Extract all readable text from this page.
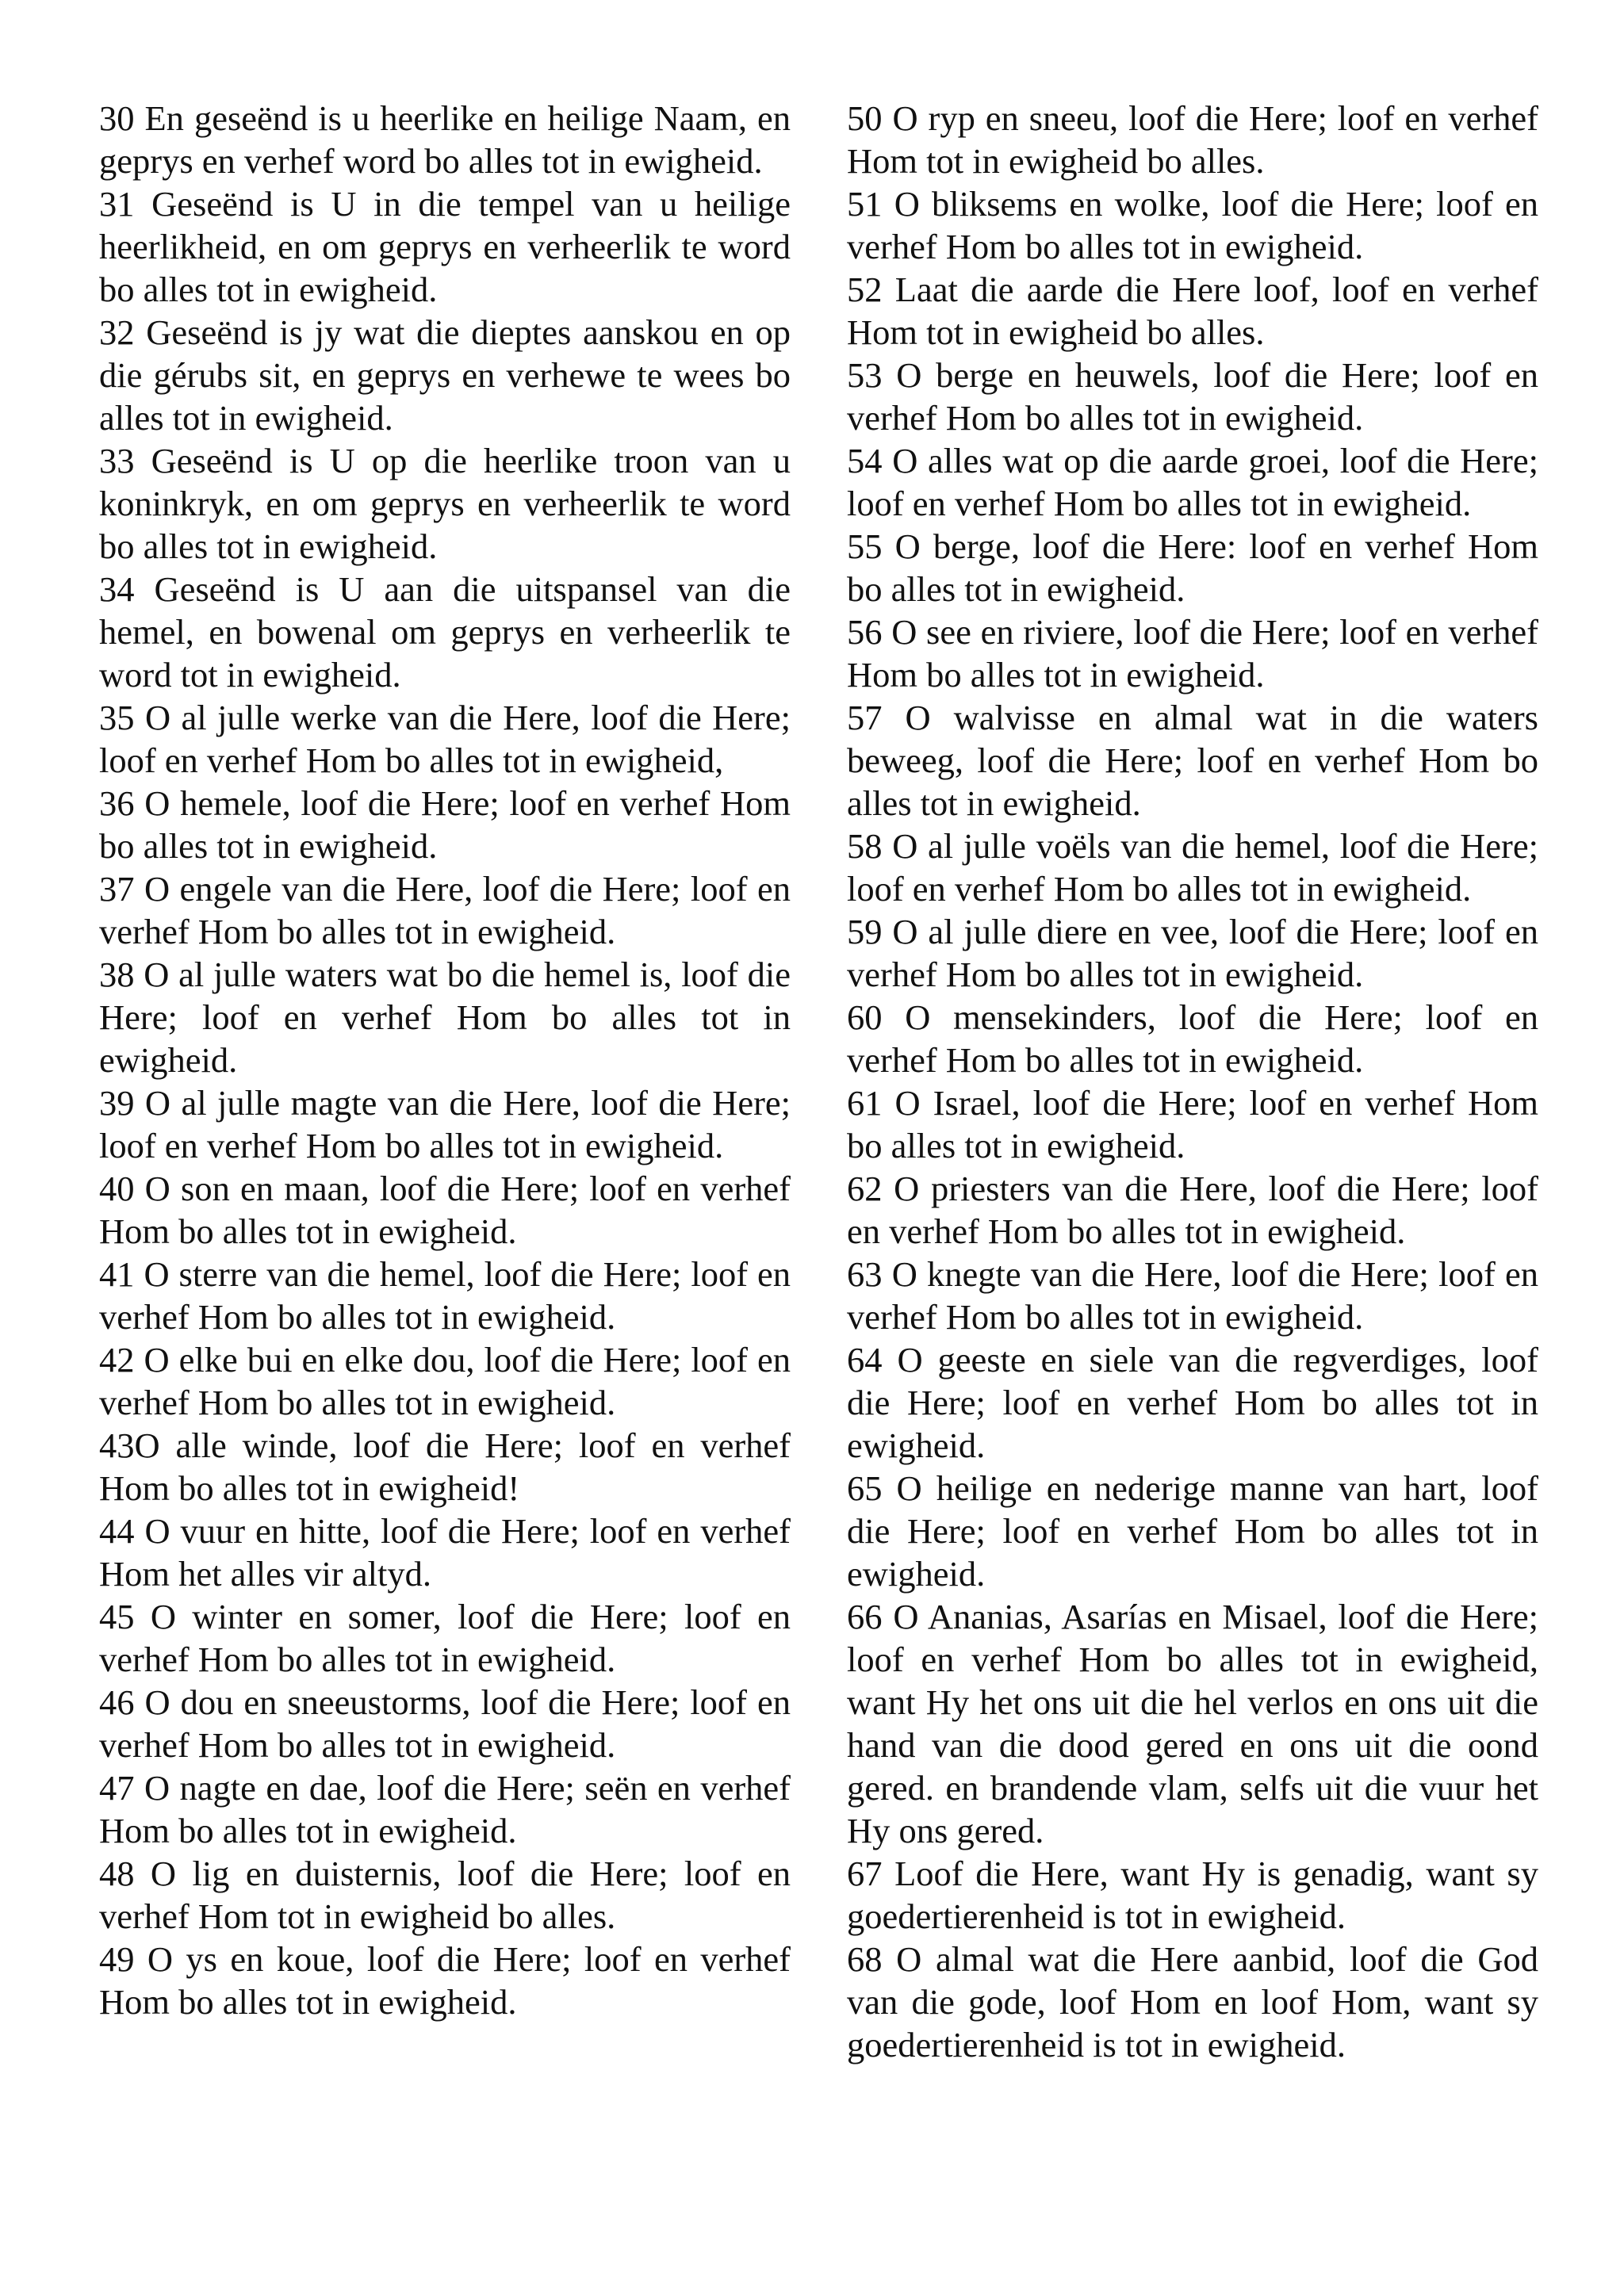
30 En geseënd is u heerlike en heilige Naam, en geprys en verhef word bo alles tot in ewigheid.

31 Geseënd is U in die tempel van u heilige heerlikheid, en om geprys en verheerlik te word bo alles tot in ewigheid.

32 Geseënd is jy wat die dieptes aanskou en op die gérubs sit, en geprys en verhewe te wees bo alles tot in ewigheid.

33 Geseënd is U op die heerlike troon van u koninkryk, en om geprys en verheerlik te word bo alles tot in ewigheid.

34 Geseënd is U aan die uitspansel van die hemel, en bowenal om geprys en verheerlik te word tot in ewigheid.

35 O al julle werke van die Here, loof die Here; loof en verhef Hom bo alles tot in ewigheid,

36 O hemele, loof die Here; loof en verhef Hom bo alles tot in ewigheid.

37 O engele van die Here, loof die Here; loof en verhef Hom bo alles tot in ewigheid.

38 O al julle waters wat bo die hemel is, loof die Here; loof en verhef Hom bo alles tot in ewigheid.

39 O al julle magte van die Here, loof die Here; loof en verhef Hom bo alles tot in ewigheid.

40 O son en maan, loof die Here; loof en verhef Hom bo alles tot in ewigheid.

41 O sterre van die hemel, loof die Here; loof en verhef Hom bo alles tot in ewigheid.

42 O elke bui en elke dou, loof die Here; loof en verhef Hom bo alles tot in ewigheid.

43O alle winde, loof die Here; loof en verhef Hom bo alles tot in ewigheid!

44 O vuur en hitte, loof die Here; loof en verhef Hom het alles vir altyd.

45 O winter en somer, loof die Here; loof en verhef Hom bo alles tot in ewigheid.

46 O dou en sneeustorms, loof die Here; loof en verhef Hom bo alles tot in ewigheid.

47 O nagte en dae, loof die Here; seën en verhef Hom bo alles tot in ewigheid.

48 O lig en duisternis, loof die Here; loof en verhef Hom tot in ewigheid bo alles.

49 O ys en koue, loof die Here; loof en verhef Hom bo alles tot in ewigheid.

50 O ryp en sneeu, loof die Here; loof en verhef Hom tot in ewigheid bo alles.

51 O bliksems en wolke, loof die Here; loof en verhef Hom bo alles tot in ewigheid.

52 Laat die aarde die Here loof, loof en verhef Hom tot in ewigheid bo alles.

53 O berge en heuwels, loof die Here; loof en verhef Hom bo alles tot in ewigheid.

54 O alles wat op die aarde groei, loof die Here; loof en verhef Hom bo alles tot in ewigheid.

55 O berge, loof die Here: loof en verhef Hom bo alles tot in ewigheid.

56 O see en riviere, loof die Here; loof en verhef Hom bo alles tot in ewigheid.

57 O walvisse en almal wat in die waters beweeg, loof die Here; loof en verhef Hom bo alles tot in ewigheid.

58 O al julle voëls van die hemel, loof die Here; loof en verhef Hom bo alles tot in ewigheid.

59 O al julle diere en vee, loof die Here; loof en verhef Hom bo alles tot in ewigheid.

60 O mensekinders, loof die Here; loof en verhef Hom bo alles tot in ewigheid.

61 O Israel, loof die Here; loof en verhef Hom bo alles tot in ewigheid.

62 O priesters van die Here, loof die Here; loof en verhef Hom bo alles tot in ewigheid.

63 O knegte van die Here, loof die Here; loof en verhef Hom bo alles tot in ewigheid.

64 O geeste en siele van die regverdiges, loof die Here; loof en verhef Hom bo alles tot in ewigheid.

65 O heilige en nederige manne van hart, loof die Here; loof en verhef Hom bo alles tot in ewigheid.

66 O Ananias, Asarías en Misael, loof die Here; loof en verhef Hom bo alles tot in ewigheid, want Hy het ons uit die hel verlos en ons uit die hand van die dood gered en ons uit die oond gered. en brandende vlam, selfs uit die vuur het Hy ons gered.

67 Loof die Here, want Hy is genadig, want sy goedertierenheid is tot in ewigheid.

68 O almal wat die Here aanbid, loof die God van die gode, loof Hom en loof Hom, want sy goedertierenheid is tot in ewigheid.
